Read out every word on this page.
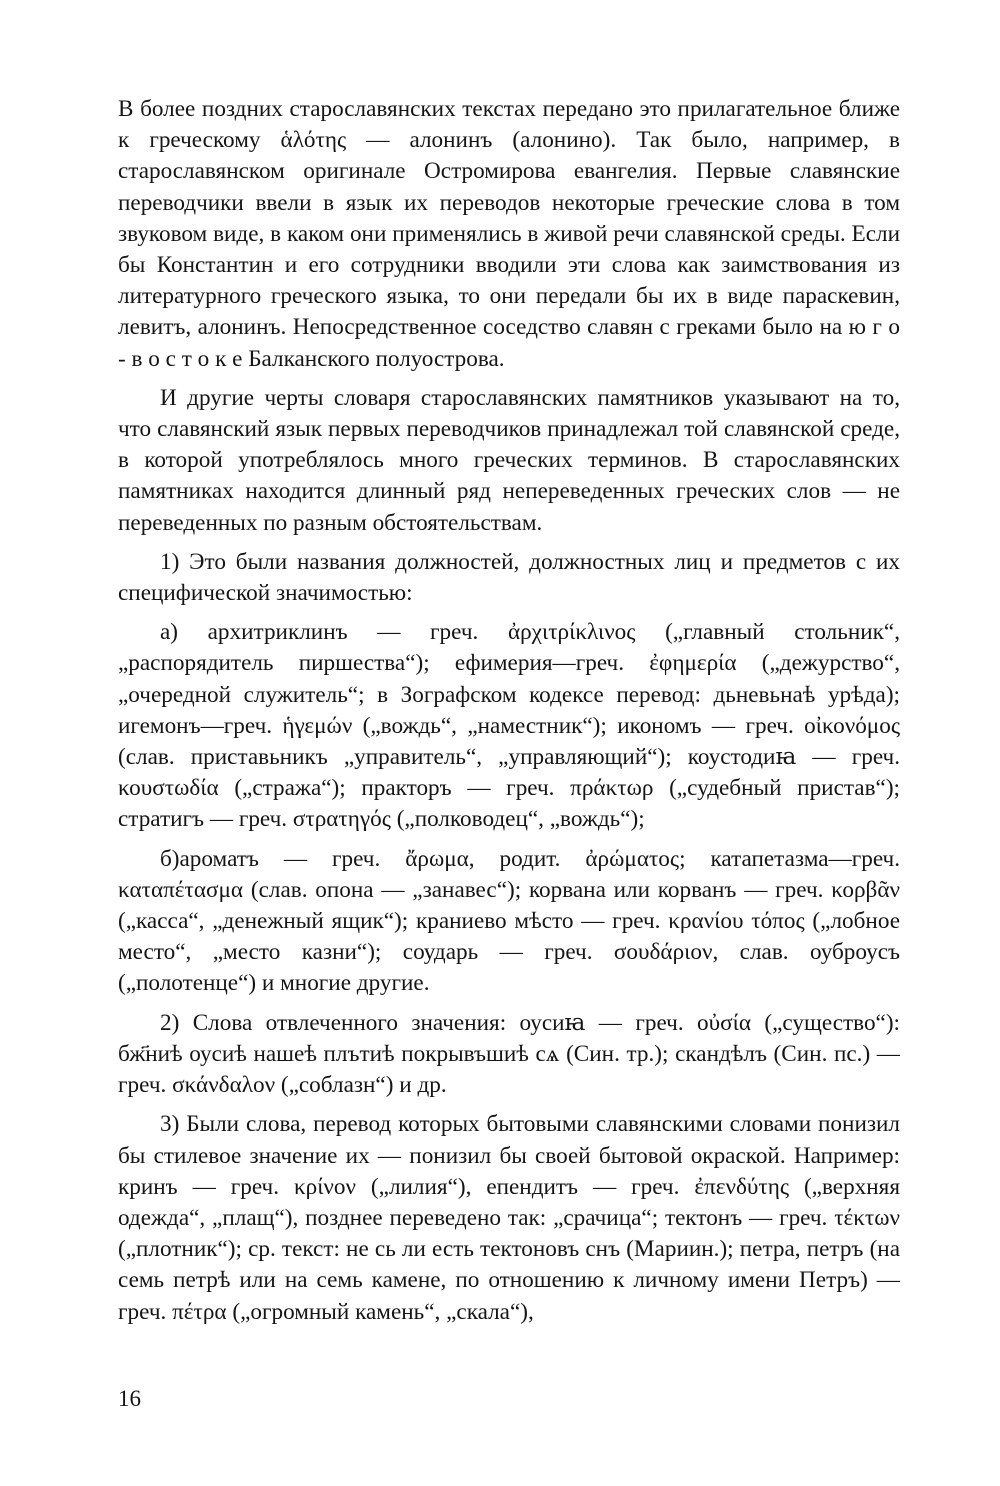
В более поздних старославянских текстах передано это прилагательное ближе к греческому ἁλότης — алонинъ (алонино). Так было, например, в старославянском оригинале Остромирова евангелия. Первые славянские переводчики ввели в язык их переводов некоторые греческие слова в том звуковом виде, в каком они применялись в живой речи славянской среды. Если бы Константин и его сотрудники вводили эти слова как заимствования из литературного греческого языка, то они передали бы их в виде параскевин, левитъ, алонинъ. Непосредственное соседство славян с греками было на ю г о - в о с т о к е Балканского полуострова.

И другие черты словаря старославянских памятников указывают на то, что славянский язык первых переводчиков принадлежал той славянской среде, в которой употреблялось много греческих терминов. В старославянских памятниках находится длинный ряд непереведенных греческих слов — не переведенных по разным обстоятельствам.

1) Это были названия должностей, должностных лиц и предметов с их специфической значимостью:

а) архитриклинъ — греч. ἀρχιτρίκλινος („главный стольник“, „распорядитель пиршества“); ефимерия—греч. ἐφημερία („дежурство“, „очередной служитель“; в Зографском кодексе перевод: дьневьнаѣ урѣда); игемонъ—греч. ἡγεμών („вождь“, „наместник“); икономъ — греч. οἰκονόμος (слав. приставьникъ „управитель“, „управляющий“); коустодиꙗ — греч. κουστωδία („стража“); практоръ — греч. πράκτωρ („судебный пристав“); стратигъ — греч. στρατηγός („полководец“, „вождь“);

б)ароматъ — греч. ἄρωμα, родит. ἀρώματος; катапетазма—греч. καταπέτασμα (слав. опона — „занавес“); корвана или корванъ — греч. κορβᾶν („касса“, „денежный ящик“); краниево мѣсто — греч. κρανίου τόπος („лобное место“, „место казни“); соударь — греч. σουδάριον, слав. оуброусъ („полотенце“) и многие другие.

2) Слова отвлеченного значения: оусиꙗ — греч. οὐσία („существо“): бж҃ниѣ оусиѣ нашеѣ плътиѣ покрывъшиѣ сѧ (Син. тр.); скандѣлъ (Син. пс.) — греч. σκάνδαλον („соблазн“) и др.

3) Были слова, перевод которых бытовыми славянскими словами понизил бы стилевое значение их — понизил бы своей бытовой окраской. Например: кринъ — греч. κρίνον („лилия“), епендитъ — греч. ἐπενδύτης („верхняя одежда“, „плащ“), позднее переведено так: „срачица“; тектонъ — греч. τέκτων („плотник“); ср. текст: не сь ли есть тектоновъ снъ (Мариин.); петра, петръ (на семь петрѣ или на семь камене, по отношению к личному имени Петръ) — греч. πέτρα („огромный камень“, „скала“),

16
